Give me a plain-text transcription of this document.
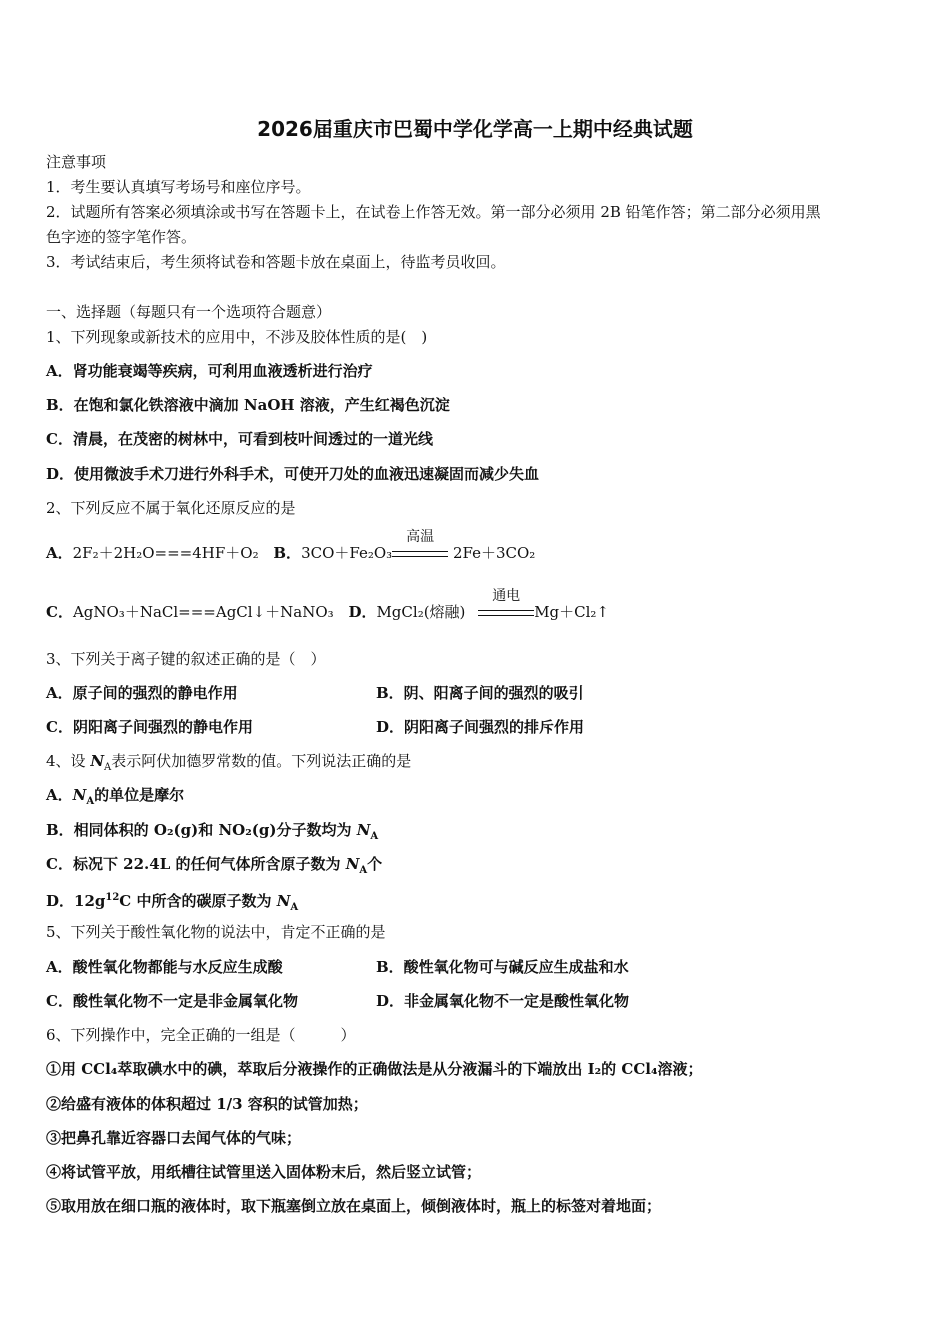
2026届重庆市巴蜀中学化学高一上期中经典试题
注意事项
1．考生要认真填写考场号和座位序号。
2．试题所有答案必须填涂或书写在答题卡上，在试卷上作答无效。第一部分必须用 2B 铅笔作答；第二部分必须用黑
色字迹的签字笔作答。
3．考试结束后，考生须将试卷和答题卡放在桌面上，待监考员收回。
一、选择题（每题只有一个选项符合题意）
1、下列现象或新技术的应用中，不涉及胶体性质的是(　)
A．肾功能衰竭等疾病，可利用血液透析进行治疗
B．在饱和氯化铁溶液中滴加 NaOH 溶液，产生红褐色沉淀
C．清晨，在茂密的树林中，可看到枝叶间透过的一道光线
D．使用微波手术刀进行外科手术，可使开刀处的血液迅速凝固而减少失血
2、下列反应不属于氧化还原反应的是
A．2F₂＋2H₂O===4HF＋O₂ B．3CO＋Fe₂O₃
高温
2Fe＋3CO₂
C．AgNO₃＋NaCl===AgCl↓＋NaNO₃ D．MgCl₂(熔融)
通电
Mg＋Cl₂↑
3、下列关于离子键的叙述正确的是（　）
A．原子间的强烈的静电作用	B．阴、阳离子间的强烈的吸引
C．阴阳离子间强烈的静电作用	D．阴阳离子间强烈的排斥作用
4、设 $N_A$表示阿伏加德罗常数的值。下列说法正确的是
A．$N_A$的单位是摩尔
B．相同体积的 O₂(g)和 NO₂(g)分子数均为 $N_A$
C．标况下 22.4L 的任何气体所含原子数为 $N_A$个
D．$12g^{12}C$ 中所含的碳原子数为 $N_A$
5、下列关于酸性氧化物的说法中，肯定不正确的是
A．酸性氧化物都能与水反应生成酸	B．酸性氧化物可与碱反应生成盐和水
C．酸性氧化物不一定是非金属氧化物	D．非金属氧化物不一定是酸性氧化物
6、下列操作中，完全正确的一组是（　　　）
①用 CCl₄萃取碘水中的碘，萃取后分液操作的正确做法是从分液漏斗的下端放出 I₂的 CCl₄溶液；
②给盛有液体的体积超过 1/3 容积的试管加热；
③把鼻孔靠近容器口去闻气体的气味；
④将试管平放，用纸槽往试管里送入固体粉末后，然后竖立试管；
⑤取用放在细口瓶的液体时，取下瓶塞倒立放在桌面上，倾倒液体时，瓶上的标签对着地面；
